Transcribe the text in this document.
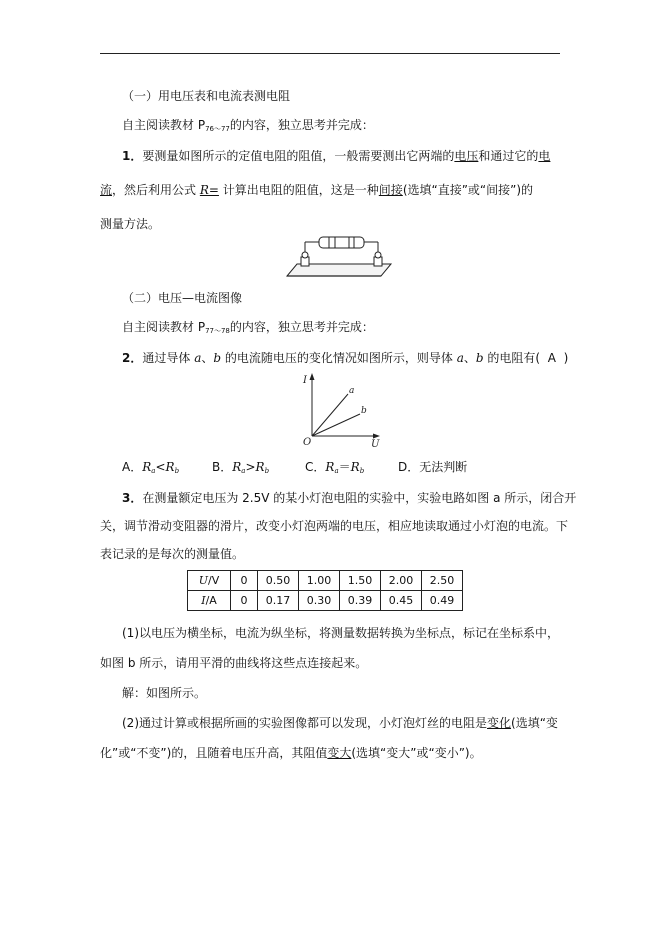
（一）用电压表和电流表测电阻
自主阅读教材 $P_{76\sim 77}$的内容，独立思考并完成：
1．要测量如图所示的定值电阻的阻值，一般需要测出它两端的电压和通过它的电
流，然后利用公式 R= 计算出电阻的阻值，这是一种间接(选填“直接”或“间接”)的
测量方法。
（二）电压—电流图像
自主阅读教材 $P_{77\sim 78}$的内容，独立思考并完成：
2．通过导体 a、b 的电流随电压的变化情况如图所示，则导体 a、b 的电阻有( A )
I
U
O
a
b
A．$R_a<R_b$	B．$R_a>R_b$	C．$R_a=R_b$	D．无法判断
3．在测量额定电压为 2.5V 的某小灯泡电阻的实验中，实验电路如图 a 所示，闭合开
关，调节滑动变阻器的滑片，改变小灯泡两端的电压，相应地读取通过小灯泡的电流。下
表记录的是每次的测量值。
U/V	0	0.50	1.00	1.50	2.00	2.50
I/A	0	0.17	0.30	0.39	0.45	0.49
(1)以电压为横坐标，电流为纵坐标，将测量数据转换为坐标点，标记在坐标系中，
如图 b 所示，请用平滑的曲线将这些点连接起来。
解：如图所示。
(2)通过计算或根据所画的实验图像都可以发现，小灯泡灯丝的电阻是变化(选填“变
化”或“不变”)的，且随着电压升高，其阻值变大(选填“变大”或“变小”)。
